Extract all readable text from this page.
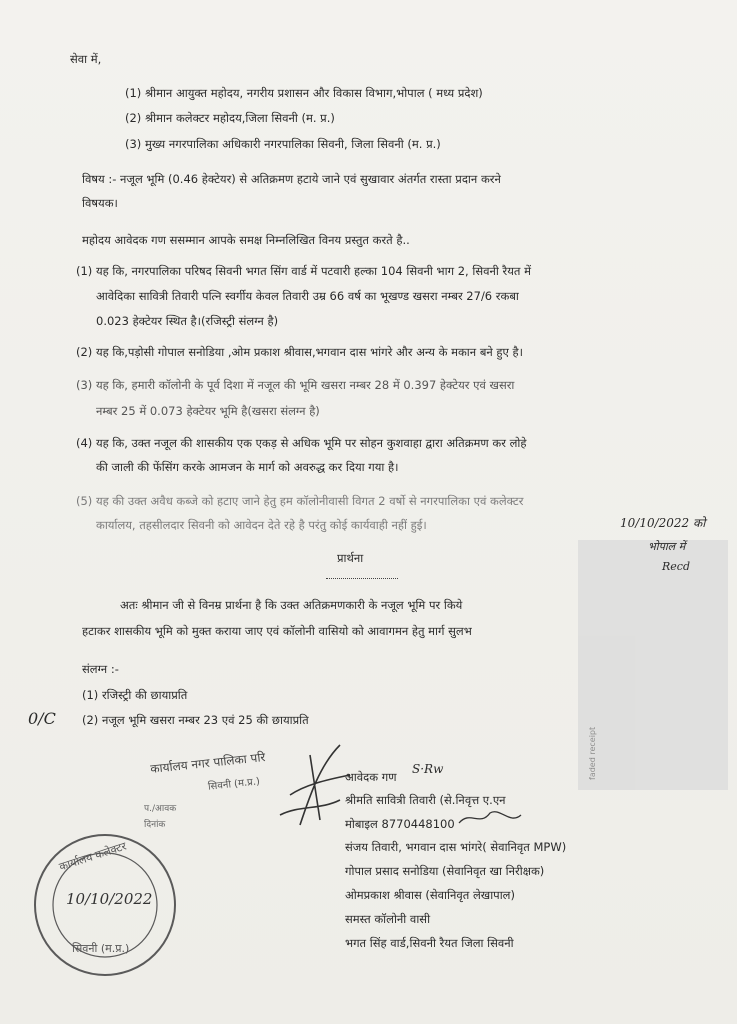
सेवा में,
(1) श्रीमान आयुक्त महोदय, नगरीय प्रशासन और विकास विभाग,भोपाल ( मध्य प्रदेश)
(2) श्रीमान कलेक्टर महोदय,जिला सिवनी (म. प्र.)
(3) मुख्य नगरपालिका अधिकारी नगरपालिका सिवनी, जिला सिवनी (म. प्र.)
विषय :- नजूल भूमि (0.46 हेक्टेयर) से अतिक्रमण हटाये जाने एवं सुखावार अंतर्गत रास्ता प्रदान करने
विषयक।
महोदय आवेदक गण ससम्मान आपके समक्ष निम्नलिखित विनय प्रस्तुत करते है..
(1) यह कि, नगरपालिका परिषद सिवनी भगत सिंग वार्ड में पटवारी हल्का 104 सिवनी भाग 2, सिवनी रैयत में
आवेदिका सावित्री तिवारी पत्नि स्वर्गीय केवल तिवारी उम्र 66 वर्ष का भूखण्ड खसरा नम्बर 27/6 रकबा
0.023 हेक्टेयर स्थित है।(रजिस्ट्री संलग्न है)
(2) यह कि,पड़ोसी गोपाल सनोडिया ,ओम प्रकाश श्रीवास,भगवान दास भांगरे और अन्य के मकान बने हुए है।
(3) यह कि, हमारी कॉलोनी के पूर्व दिशा में नजूल की भूमि खसरा नम्बर 28 में 0.397 हेक्टेयर एवं खसरा
नम्बर 25 में 0.073 हेक्टेयर भूमि है(खसरा संलग्न है)
(4) यह कि, उक्त नजूल की शासकीय एक एकड़ से अधिक भूमि पर सोहन कुशवाहा द्वारा अतिक्रमण कर लोहे
की जाली की फेंसिंग करके आमजन के मार्ग को अवरुद्ध कर दिया गया है।
(5) यह की उक्त अवैध कब्जे को हटाए जाने हेतु हम कॉलोनीवासी विगत 2 वर्षो से नगरपालिका एवं कलेक्टर
कार्यालय, तहसीलदार सिवनी को आवेदन देते रहे है परंतु कोई कार्यवाही नहीं हुई।
faded receipt
10/10/2022 को
भोपाल में
Recd
प्रार्थना
अतः श्रीमान जी से विनम्र प्रार्थना है कि उक्त अतिक्रमणकारी के नजूल भूमि पर किये
हटाकर शासकीय भूमि को मुक्त कराया जाए एवं कॉलोनी वासियो को आवागमन हेतु मार्ग सुलभ
संलग्न :-
(1) रजिस्ट्री की छायाप्रति
(2) नजूल भूमि खसरा नम्बर 23 एवं 25 की छायाप्रति
0/C
कार्यालय नगर पालिका परि
सिवनी (म.प्र.)
प./आवक
दिनांक
आवेदक गण
S·Rw
श्रीमति सावित्री तिवारी (से.निवृत्त ए.एन
मोबाइल 8770448100
संजय तिवारी, भगवान दास भांगरे( सेवानिवृत MPW)
गोपाल प्रसाद सनोडिया (सेवानिवृत खा निरीक्षक)
ओमप्रकाश श्रीवास (सेवानिवृत लेखापाल)
समस्त कॉलोनी वासी
भगत सिंह वार्ड,सिवनी रैयत जिला सिवनी
कार्यालय कलेक्टर
10/10/2022
सिवनी (म.प्र.)
